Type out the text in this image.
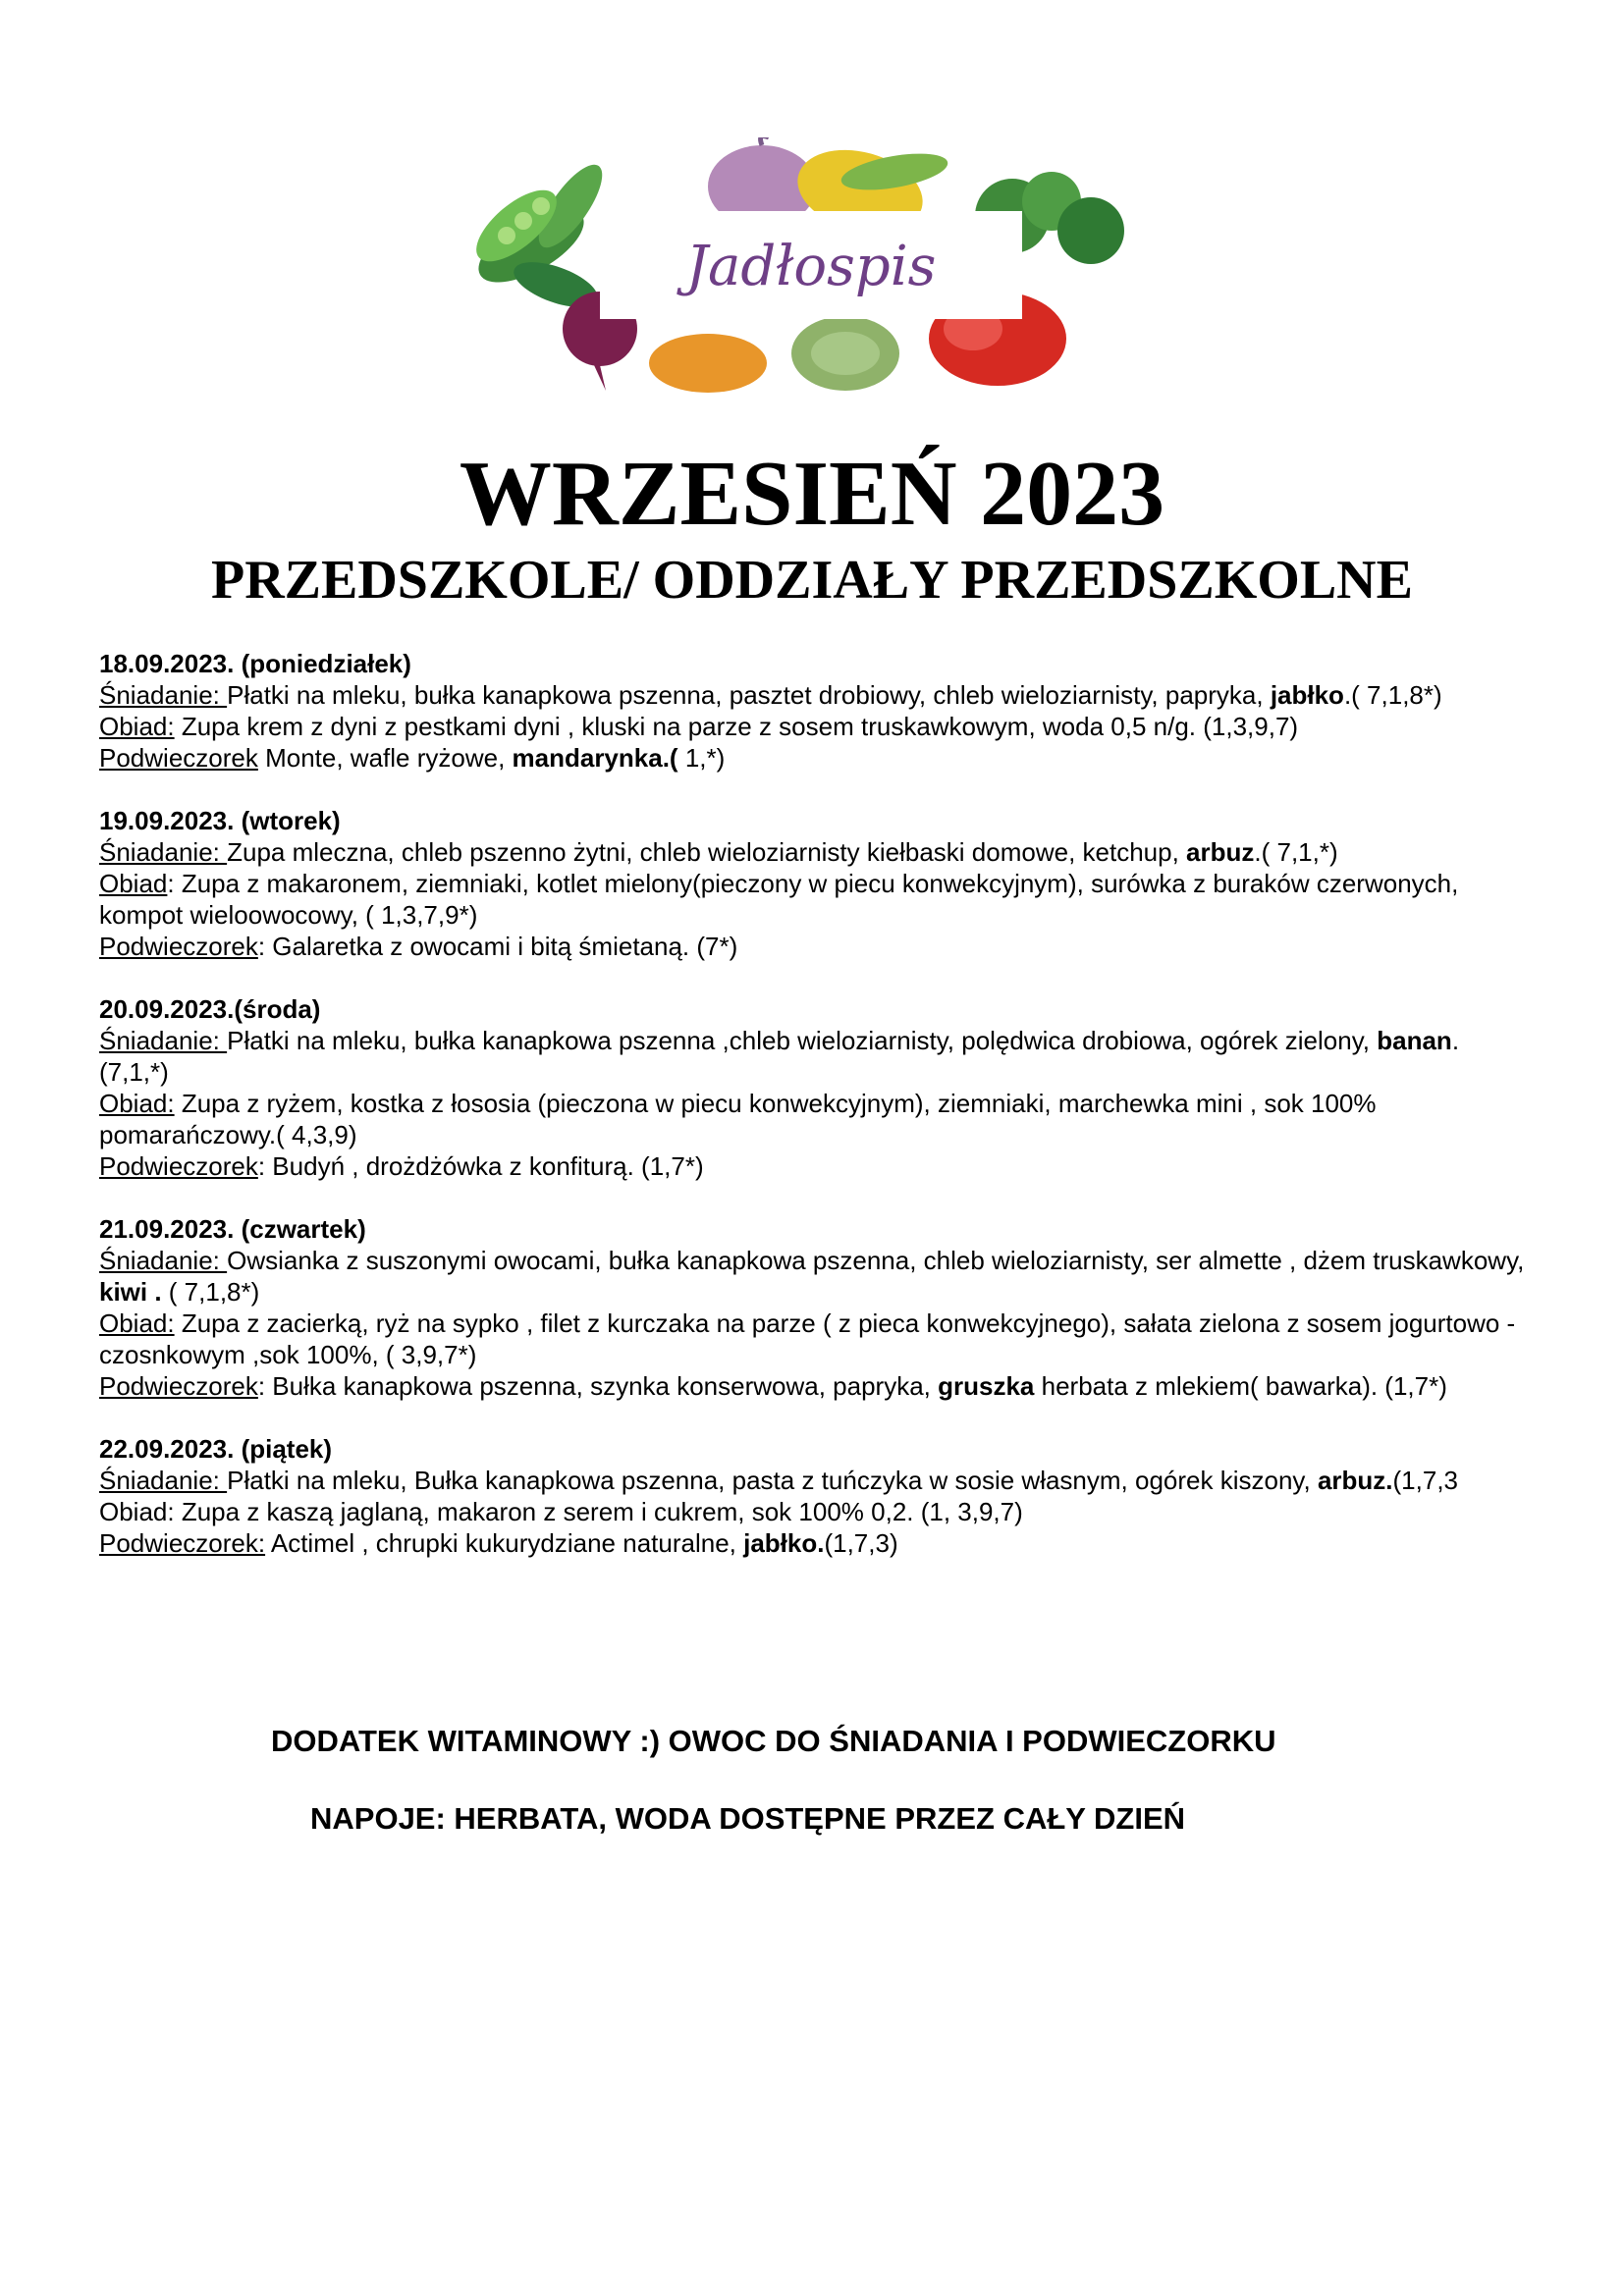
Jadłospis
WRZESIEŃ 2023
PRZEDSZKOLE/ ODDZIAŁY PRZEDSZKOLNE
18.09.2023. (poniedziałek)
Śniadanie: Płatki na mleku, bułka kanapkowa pszenna, pasztet drobiowy, chleb wieloziarnisty, papryka, jabłko.( 7,1,8*)
Obiad: Zupa krem z dyni z pestkami dyni , kluski na parze z sosem truskawkowym, woda 0,5 n/g. (1,3,9,7)
Podwieczorek Monte, wafle ryżowe, mandarynka.( 1,*)
19.09.2023. (wtorek)
Śniadanie: Zupa mleczna, chleb pszenno żytni, chleb wieloziarnisty kiełbaski domowe, ketchup, arbuz.( 7,1,*)
Obiad: Zupa z makaronem, ziemniaki, kotlet mielony(pieczony w piecu konwekcyjnym), surówka z buraków czerwonych, kompot wieloowocowy, ( 1,3,7,9*)
Podwieczorek: Galaretka z owocami i bitą śmietaną. (7*)
20.09.2023.(środa)
Śniadanie: Płatki na mleku, bułka kanapkowa pszenna ,chleb wieloziarnisty, polędwica drobiowa, ogórek zielony, banan. (7,1,*)
Obiad: Zupa z ryżem, kostka z łososia (pieczona w piecu konwekcyjnym), ziemniaki, marchewka mini , sok 100% pomarańczowy.( 4,3,9)
Podwieczorek: Budyń , drożdżówka z konfiturą. (1,7*)
21.09.2023. (czwartek)
Śniadanie: Owsianka z suszonymi owocami, bułka kanapkowa pszenna, chleb wieloziarnisty, ser almette , dżem truskawkowy, kiwi . ( 7,1,8*)
Obiad: Zupa z zacierką, ryż na sypko , filet z kurczaka na parze ( z pieca konwekcyjnego), sałata zielona z sosem jogurtowo - czosnkowym ,sok 100%, ( 3,9,7*)
Podwieczorek: Bułka kanapkowa pszenna, szynka konserwowa, papryka, gruszka herbata z mlekiem( bawarka). (1,7*)
22.09.2023. (piątek)
Śniadanie: Płatki na mleku, Bułka kanapkowa pszenna, pasta z tuńczyka w sosie własnym, ogórek kiszony, arbuz.(1,7,3
Obiad: Zupa z kaszą jaglaną, makaron z serem i cukrem, sok 100% 0,2. (1, 3,9,7)
Podwieczorek: Actimel , chrupki kukurydziane naturalne, jabłko.(1,7,3)
DODATEK WITAMINOWY :) OWOC DO ŚNIADANIA I PODWIECZORKU
NAPOJE: HERBATA, WODA DOSTĘPNE PRZEZ CAŁY DZIEŃ
